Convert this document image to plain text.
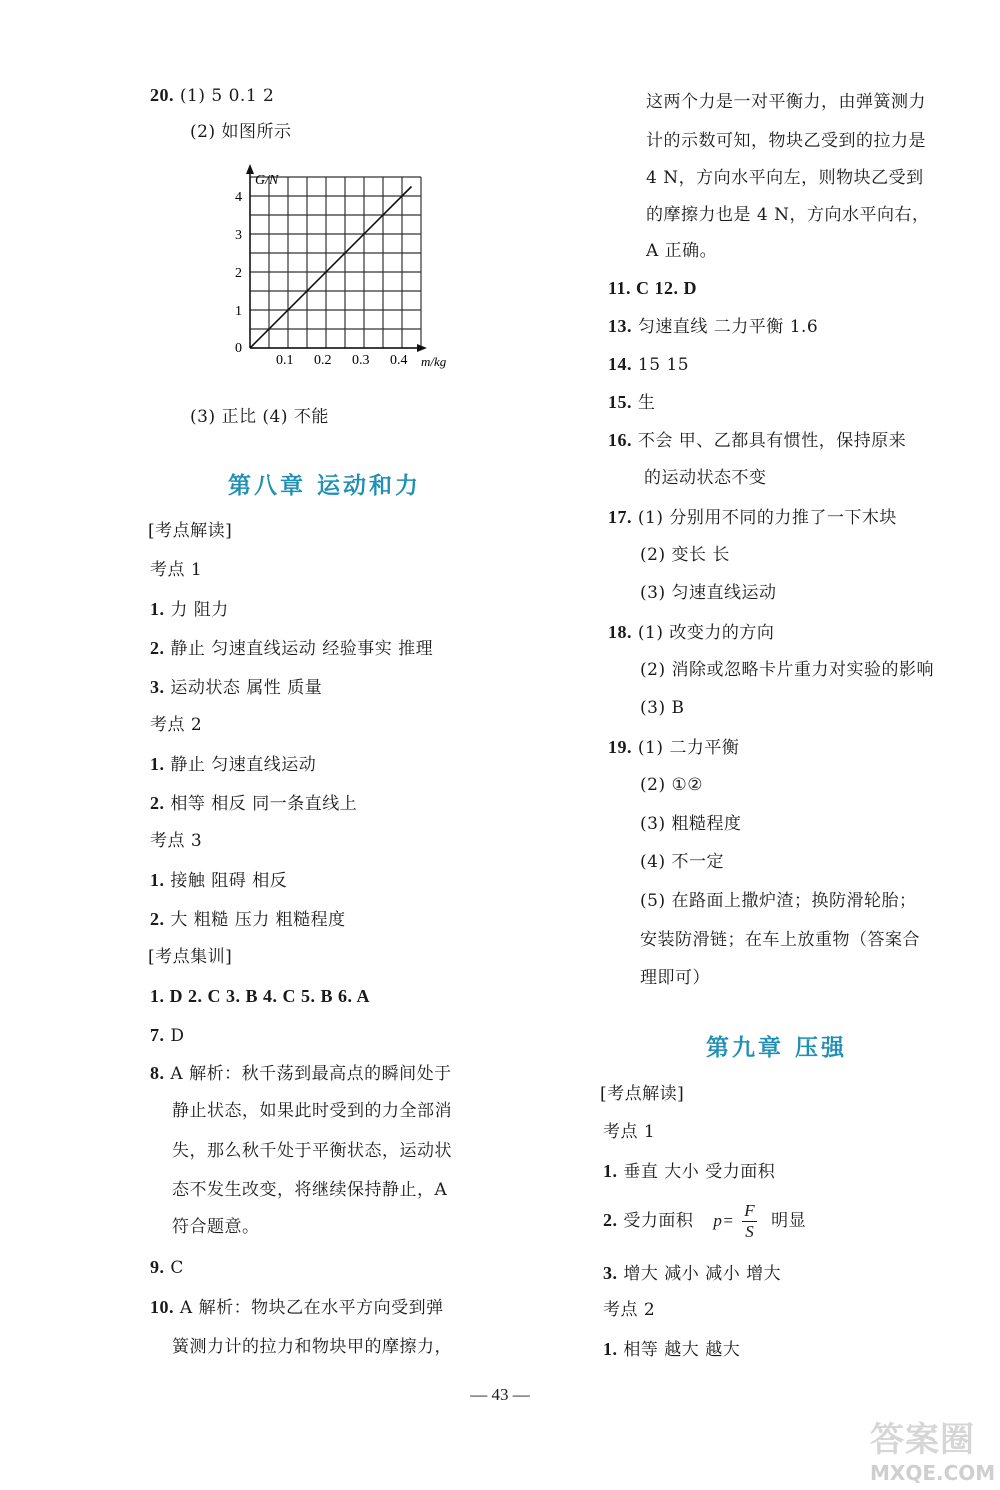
20. (1) 5 0.1 2
(2) 如图所示
G/N
m/kg
0
1
2
3
4
0.1 0.2 0.3 0.4
(3) 正比 (4) 不能
第八章 运动和力
[考点解读]
考点 1
1. 力 阻力
2. 静止 匀速直线运动 经验事实 推理
3. 运动状态 属性 质量
考点 2
1. 静止 匀速直线运动
2. 相等 相反 同一条直线上
考点 3
1. 接触 阻碍 相反
2. 大 粗糙 压力 粗糙程度
[考点集训]
1. D 2. C 3. B 4. C 5. B 6. A
7. D
8. A 解析：秋千荡到最高点的瞬间处于
静止状态，如果此时受到的力全部消
失，那么秋千处于平衡状态，运动状
态不发生改变，将继续保持静止，A
符合题意。
9. C
10. A 解析：物块乙在水平方向受到弹
簧测力计的拉力和物块甲的摩擦力，
这两个力是一对平衡力，由弹簧测力
计的示数可知，物块乙受到的拉力是
4 N，方向水平向左，则物块乙受到
的摩擦力也是 4 N，方向水平向右，
A 正确。
11. C 12. D
13. 匀速直线 二力平衡 1.6
14. 15 15
15. 生
16. 不会 甲、乙都具有惯性，保持原来
的运动状态不变
17. (1) 分别用不同的力推了一下木块
(2) 变长 长
(3) 匀速直线运动
18. (1) 改变力的方向
(2) 消除或忽略卡片重力对实验的影响
(3) B
19. (1) 二力平衡
(2) ①②
(3) 粗糙程度
(4) 不一定
(5) 在路面上撒炉渣；换防滑轮胎；
安装防滑链；在车上放重物（答案合
理即可）
第九章 压强
[考点解读]
考点 1
1. 垂直 大小 受力面积
2. 受力面积 $p= \frac{F}{S}$ 明显
3. 增大 减小 减小 增大
考点 2
1. 相等 越大 越大
— 43 —
答案圈
MXQE.COM
